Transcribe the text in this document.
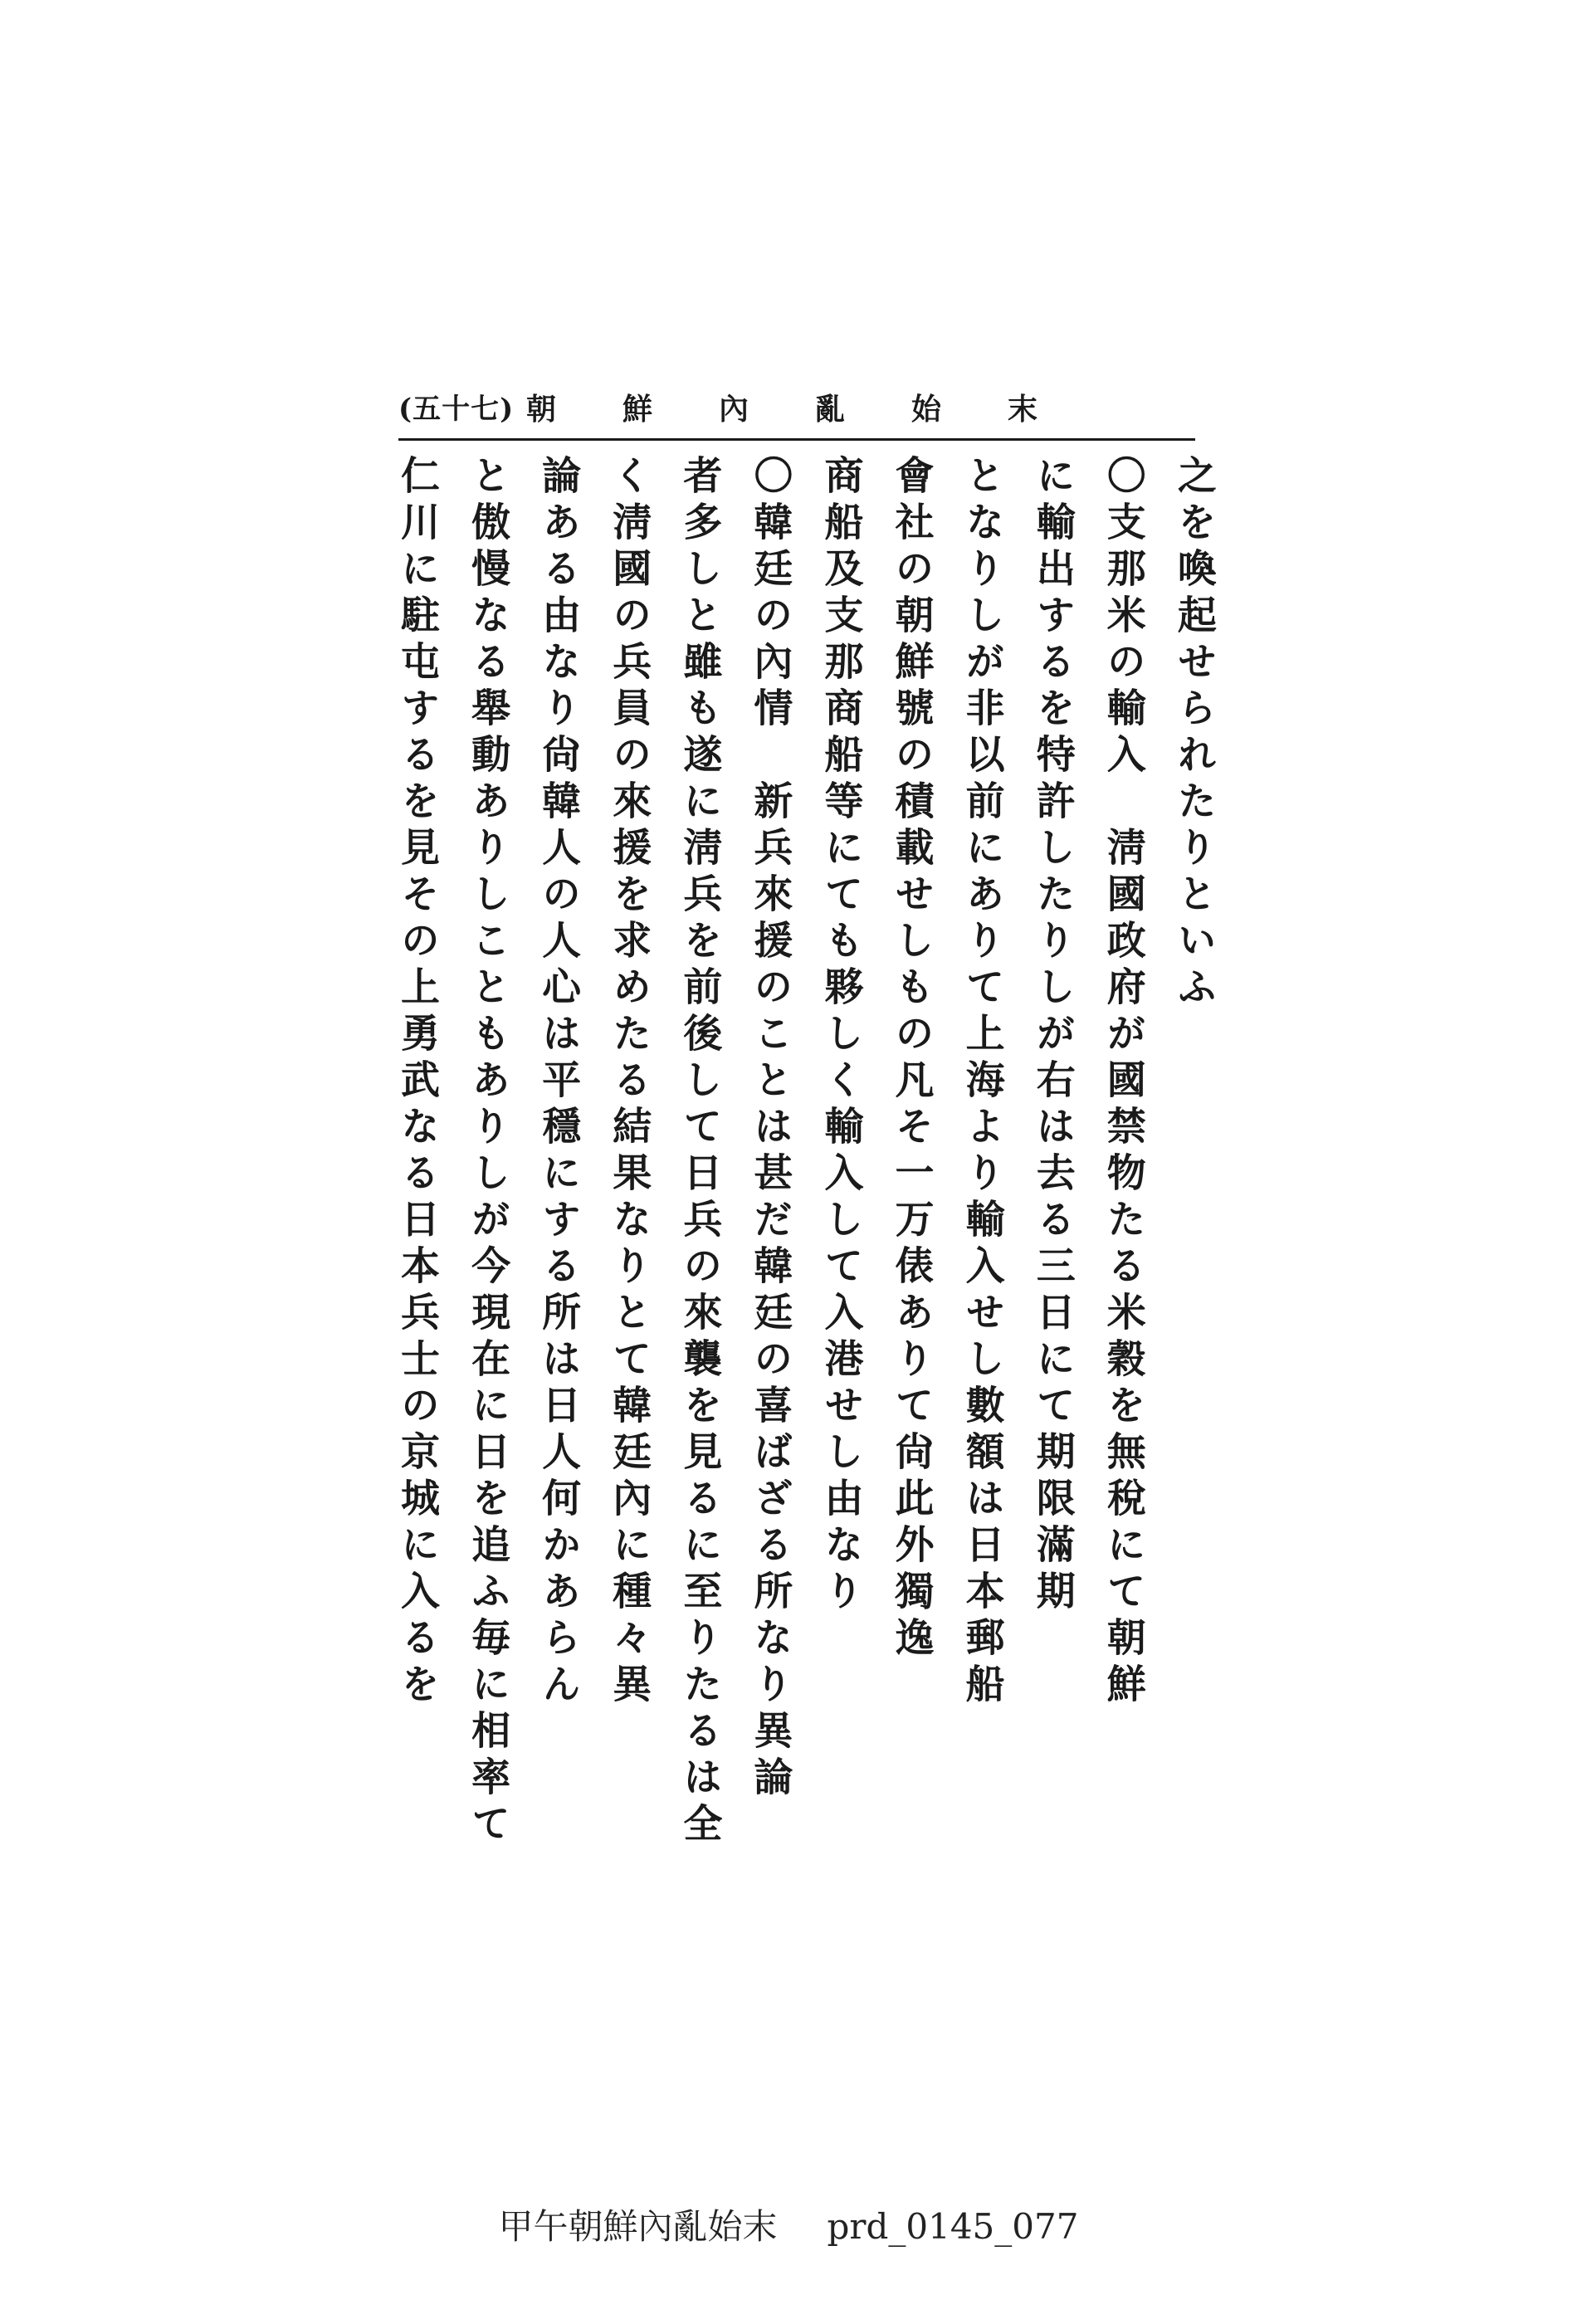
(五十七) 朝鮮內亂始末
之を喚起せられたりといふ
〇支那米の輸入　淸國政府が國禁物たる米穀を無稅にて朝鮮
に輸出するを特許したりしが右は去る三日にて期限滿期
となりしが非以前にありて上海より輸入せし數額は日本郵船
會社の朝鮮號の積載せしもの凡そ一万俵ありて尙此外獨逸
商船及支那商船等にても夥しく輸入して入港せし由なり
〇韓廷の內情　新兵來援のことは甚だ韓廷の喜ばざる所なり異論
者多しと雖も遂に淸兵を前後して日兵の來襲を見るに至りたるは全
く淸國の兵員の來援を求めたる結果なりとて韓廷內に種々異
論ある由なり尙韓人の人心は平穩にする所は日人何かあらん
と傲慢なる舉動ありしこともありしが今現在に日を追ふ毎に相率て
仁川に駐屯するを見その上勇武なる日本兵士の京城に入るを
甲午朝鮮內亂始末 prd_0145_077
